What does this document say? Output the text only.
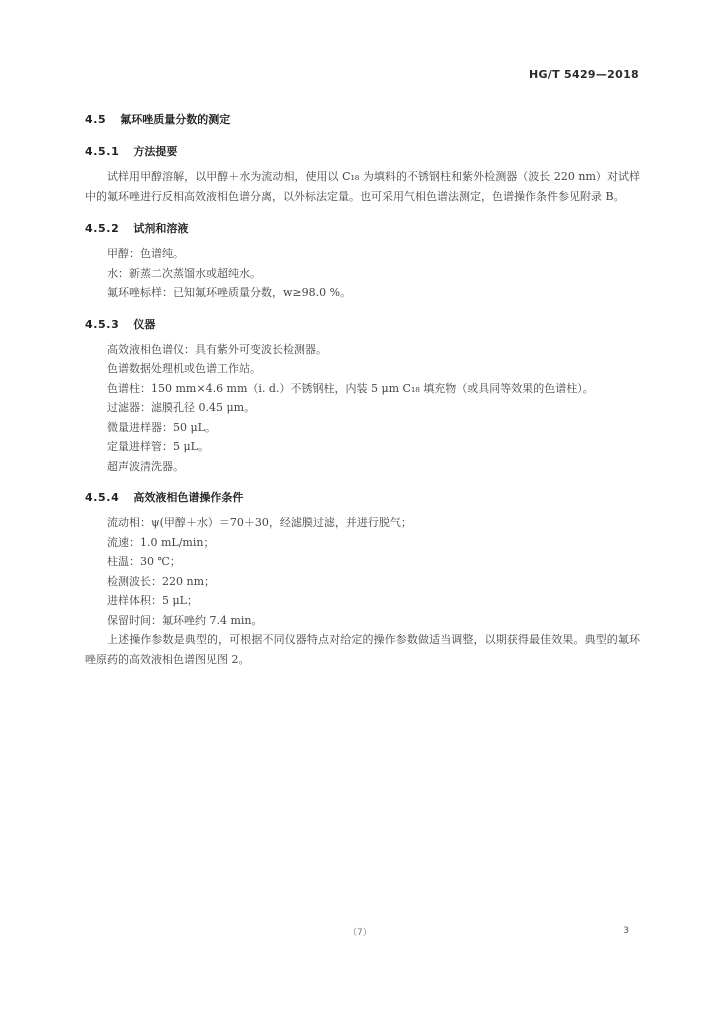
HG/T 5429—2018
4.5 氟环唑质量分数的测定
4.5.1 方法提要

试样用甲醇溶解，以甲醇＋水为流动相，使用以 C₁₈ 为填料的不锈钢柱和紫外检测器（波长 220 nm）对试样中的氟环唑进行反相高效液相色谱分离，以外标法定量。也可采用气相色谱法测定，色谱操作条件参见附录 B。

4.5.2 试剂和溶液

甲醇：色谱纯。

水：新蒸二次蒸馏水或超纯水。

氟环唑标样：已知氟环唑质量分数，w≥98.0 %。

4.5.3 仪器

高效液相色谱仪：具有紫外可变波长检测器。

色谱数据处理机或色谱工作站。

色谱柱：150 mm×4.6 mm（i. d.）不锈钢柱，内装 5 μm C₁₈ 填充物（或具同等效果的色谱柱）。

过滤器：滤膜孔径 0.45 μm。

微量进样器：50 μL。

定量进样管：5 μL。

超声波清洗器。

4.5.4 高效液相色谱操作条件

流动相：ψ(甲醇＋水）＝70＋30，经滤膜过滤，并进行脱气；

流速：1.0 mL/min；

柱温：30 ℃；

检测波长：220 nm；

进样体积：5 μL；

保留时间：氟环唑约 7.4 min。

上述操作参数是典型的，可根据不同仪器特点对给定的操作参数做适当调整，以期获得最佳效果。典型的氟环唑原药的高效液相色谱图见图 2。

（7）	3
